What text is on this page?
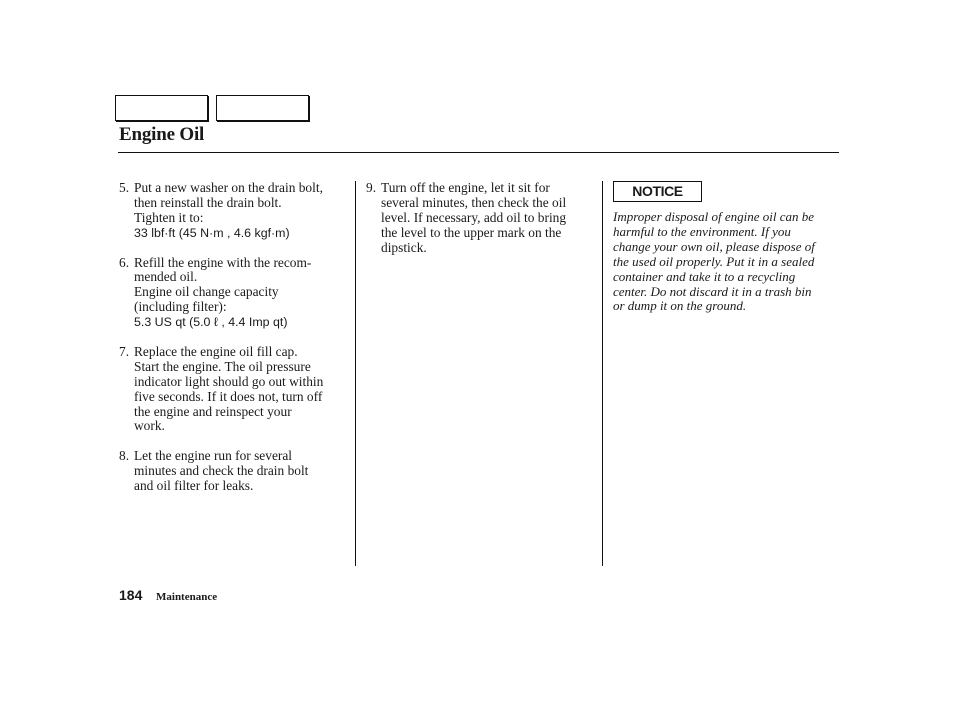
Engine Oil
5. Put a new washer on the drain bolt,
then reinstall the drain bolt.
Tighten it to:
33 lbf·ft (45 N·m , 4.6 kgf·m)
6. Refill the engine with the recom-
mended oil.
Engine oil change capacity
(including filter):
5.3 US qt (5.0 ℓ , 4.4 Imp qt)
7. Replace the engine oil fill cap.
Start the engine. The oil pressure
indicator light should go out within
five seconds. If it does not, turn off
the engine and reinspect your
work.
8. Let the engine run for several
minutes and check the drain bolt
and oil filter for leaks.
9. Turn off the engine, let it sit for
several minutes, then check the oil
level. If necessary, add oil to bring
the level to the upper mark on the
dipstick.
NOTICE
Improper disposal of engine oil can be
harmful to the environment. If you
change your own oil, please dispose of
the used oil properly. Put it in a sealed
container and take it to a recycling
center. Do not discard it in a trash bin
or dump it on the ground.
184 Maintenance
